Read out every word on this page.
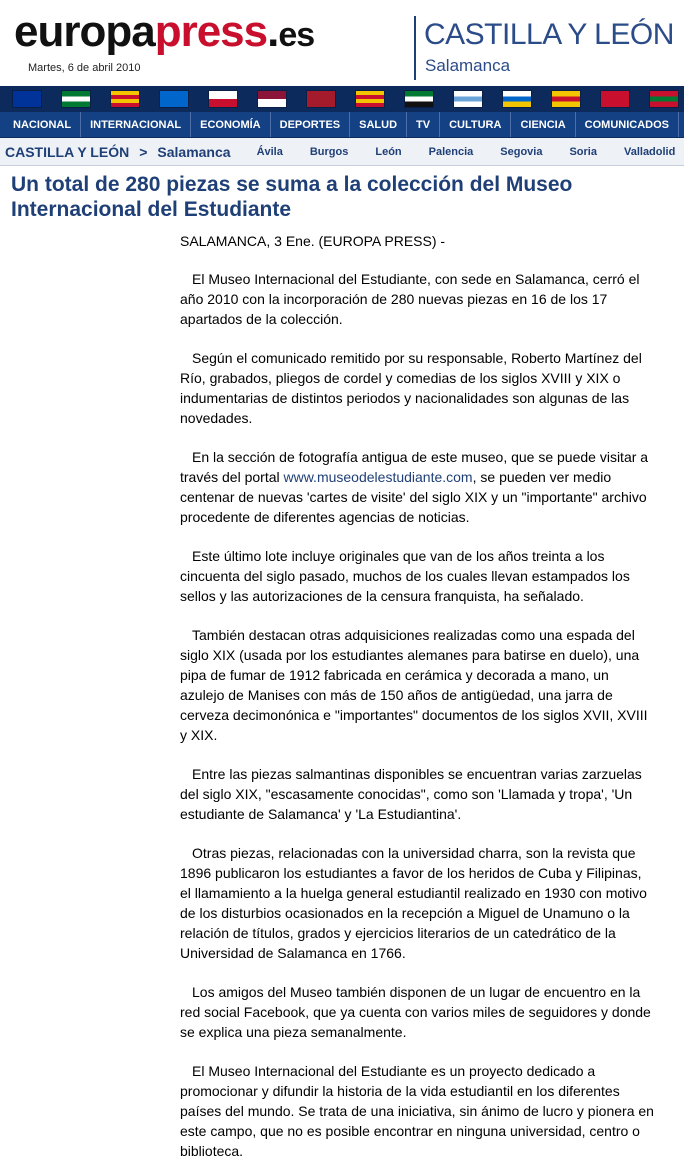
europapress.es
Martes, 6 de abril 2010
CASTILLA Y LEÓN
Salamanca
NACIONAL	INTERNACIONAL	ECONOMÍA	DEPORTES	SALUD	TV	CULTURA	CIENCIA	COMUNICADOS
CASTILLA Y LEÓN > Salamanca Ávila Burgos León Palencia Segovia Soria Valladolid
Un total de 280 piezas se suma a la colección del Museo Internacional del Estudiante

SALAMANCA, 3 Ene. (EUROPA PRESS) -

El Museo Internacional del Estudiante, con sede en Salamanca, cerró el año 2010 con la incorporación de 280 nuevas piezas en 16 de los 17 apartados de la colección.

Según el comunicado remitido por su responsable, Roberto Martínez del Río, grabados, pliegos de cordel y comedias de los siglos XVIII y XIX o indumentarias de distintos periodos y nacionalidades son algunas de las novedades.

En la sección de fotografía antigua de este museo, que se puede visitar a través del portal www.museodelestudiante.com, se pueden ver medio centenar de nuevas 'cartes de visite' del siglo XIX y un "importante" archivo procedente de diferentes agencias de noticias.

Este último lote incluye originales que van de los años treinta a los cincuenta del siglo pasado, muchos de los cuales llevan estampados los sellos y las autorizaciones de la censura franquista, ha señalado.

También destacan otras adquisiciones realizadas como una espada del siglo XIX (usada por los estudiantes alemanes para batirse en duelo), una pipa de fumar de 1912 fabricada en cerámica y decorada a mano, un azulejo de Manises con más de 150 años de antigüedad, una jarra de cerveza decimonónica e "importantes" documentos de los siglos XVII, XVIII y XIX.

Entre las piezas salmantinas disponibles se encuentran varias zarzuelas del siglo XIX, "escasamente conocidas", como son 'Llamada y tropa', 'Un estudiante de Salamanca' y 'La Estudiantina'.

Otras piezas, relacionadas con la universidad charra, son la revista que 1896 publicaron los estudiantes a favor de los heridos de Cuba y Filipinas, el llamamiento a la huelga general estudiantil realizado en 1930 con motivo de los disturbios ocasionados en la recepción a Miguel de Unamuno o la relación de títulos, grados y ejercicios literarios de un catedrático de la Universidad de Salamanca en 1766.

Los amigos del Museo también disponen de un lugar de encuentro en la red social Facebook, que ya cuenta con varios miles de seguidores y donde se explica una pieza semanalmente.

El Museo Internacional del Estudiante es un proyecto dedicado a promocionar y difundir la historia de la vida estudiantil en los diferentes países del mundo. Se trata de una iniciativa, sin ánimo de lucro y pionera en este campo, que no es posible encontrar en ninguna universidad, centro o biblioteca.
